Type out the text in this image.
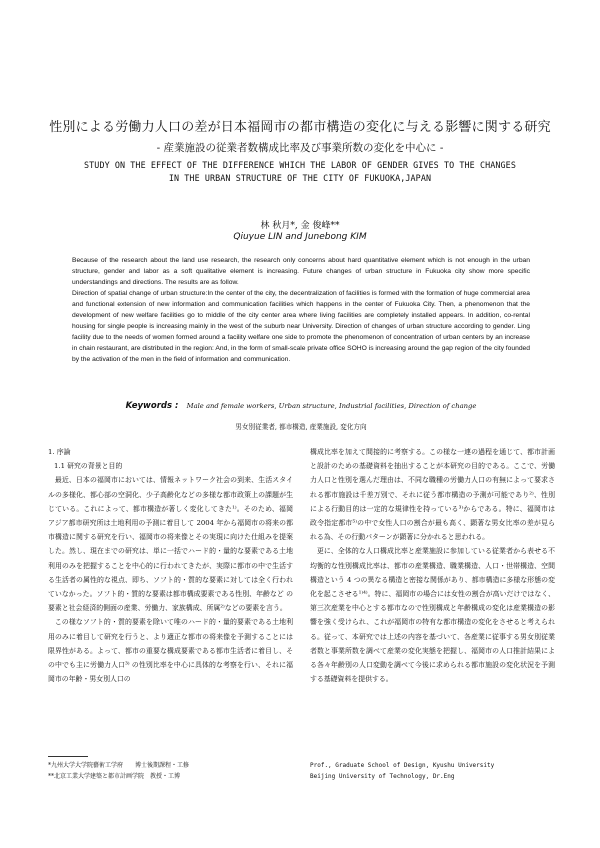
性別による労働力人口の差が日本福岡市の都市構造の変化に与える影響に関する研究
- 産業施設の従業者数構成比率及び事業所数の変化を中心に -
STUDY ON THE EFFECT OF THE DIFFERENCE WHICH THE LABOR OF GENDER GIVES TO THE CHANGES
IN THE URBAN STRUCTURE OF THE CITY OF FUKUOKA,JAPAN
林 秋月*, 金 俊峰**
Qiuyue LIN and Junebong KIM

Because of the research about the land use research, the research only concerns about hard quantitative element which is not enough in the urban structure, gender and labor as a soft qualitative element is increasing. Future changes of urban structure in Fukuoka city show more specific understandings and directions. The results are as follow.

Direction of spatial change of urban structure:In the center of the city, the decentralization of facilities is formed with the formation of huge commercial area and functional extension of new information and communication facilities which happens in the center of Fukuoka City. Then, a phenomenon that the development of new welfare facilities go to middle of the city center area where living facilities are completely installed appears. In addition, co-rental housing for single people is increasing mainly in the west of the suburb near University. Direction of changes of urban structure according to gender. Ling facility due to the needs of women formed around a facility welfare one side to promote the phenomenon of concentration of urban centers by an increase in chain restaurant, are distributed in the region: And, in the form of small-scale private office SOHO is increasing around the gap region of the city founded by the activation of the men in the field of information and communication.

Keywords : Male and female workers, Urban structure, Industrial facilities, Direction of change
男女別従業者, 都市構造, 産業施設, 変化方向
1. 序論
1.1 研究の背景と目的

最近、日本の福岡市においては、情報ネットワーク社会の到来、生活スタイルの多様化、都心部の空洞化、少子高齢化などの多様な都市政策上の課題が生じている。これによって、都市構造が著しく変化してきた¹⁾。そのため、福岡アジア都市研究所は土地利用の予測に着目して 2004 年から福岡市の将来の都市構造に関する研究を行い、福岡市の将来像とその実現に向けた仕組みを提案した。然し、現在までの研究は、単に一括でハード的・量的な要素である土地利用のみを把握することを中心的に行われてきたが、実際に都市の中で生活する生活者の属性的な視点、即ち、ソフト的・質的な要素に対しては全く行われていなかった。ソフト的・質的な要素は都市構成要素である性別、年齢など の要素と社会経済的側面の産業、労働力、家族構成、所属²⁾などの要素を言う。

この様なソフト的・質的要素を除いて唯のハード的・量的要素である土地利用のみに着目して研究を行うと、より適正な都市の将来像を予測することには限界性がある。よって、都市の重要な構成要素である都市生活者に着目し、その中でも主に労働力人口³⁾ の性別比率を中心に具体的な考察を行い、それに福岡市の年齢・男女別人口の

構成比率を加えて間接的に考察する。この様な一連の過程を通じて、都市計画と設計のための基礎資料を抽出することが本研究の目的である。ここで、労働力人口と性別を選んだ理由は、不同な職種の労働力人口の有無によって要求される都市施設は千差万別で、それに従う都市構造の予測が可能であり²⁾、性別による行動目的は一定的な規律性を持っている³⁾からである。特に、福岡市は政令指定都市⁵⁾の中で女性人口の割合が最も高く、顕著な男女比率の差が見られる為、その行動パターンが顕著に分かれると思われる。

更に、全体的な人口構成比率と産業施設に参加している従業者から表せる不均衡的な性別構成比率は、都市の産業構造、職業構造、人口・世帯構造、空間構造という 4 つの異なる構造と密接な関係があり、都市構造に多様な形態の変化を起こさせる¹⁾⁴⁾。特に、福岡市の場合には女性の割合が高いだけではなく、第三次産業を中心とする都市なので性別構成と年齢構成の変化は産業構造の影響を強く受けられ、これが福岡市の特有な都市構造の変化をさせると考えられる。従って、本研究では上述の内容を基づいて、各産業に従事する男女別従業者数と事業所数を調べて産業の変化実態を把握し、福岡市の人口推計結果による各々年齢別の人口変動を調べて今後に求められる都市施設の変化状況を予測する基礎資料を提供する。

*九州大学大学院藝術工学府　　博士後期課程・工修	Prof., Graduate School of Design, Kyushu University
**北京工業大学建築と都市計画学院　教授・工博	Beijing University of Technology, Dr.Eng
